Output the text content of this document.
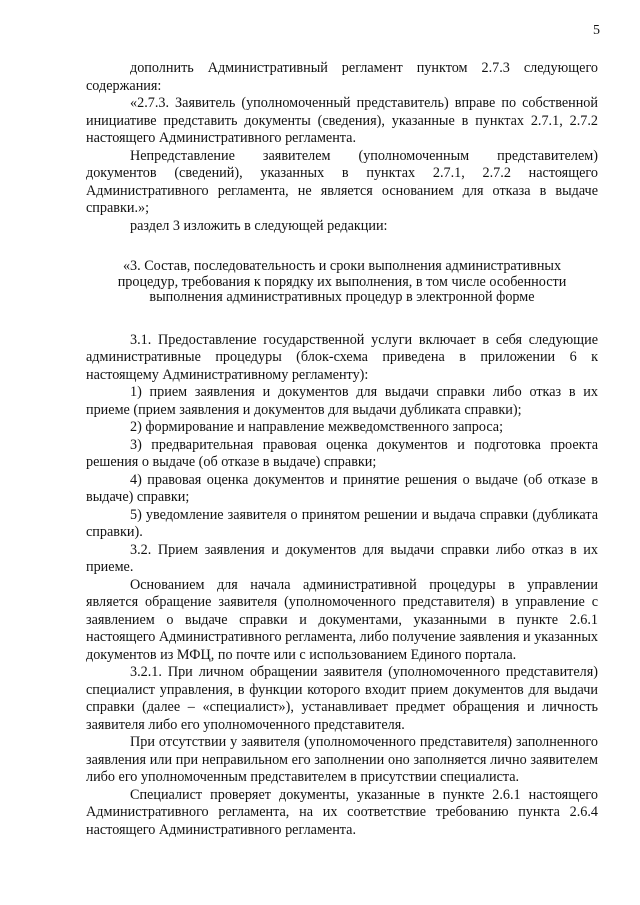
5

дополнить Административный регламент пунктом 2.7.3 следующего содержания:

«2.7.3. Заявитель (уполномоченный представитель) вправе по собственной инициативе представить документы (сведения), указанные в пунктах 2.7.1, 2.7.2 настоящего Административного регламента.

Непредставление заявителем (уполномоченным представителем) документов (сведений), указанных в пунктах 2.7.1, 2.7.2 настоящего Административного регламента, не является основанием для отказа в выдаче справки.»;

раздел 3 изложить в следующей редакции:

«3. Состав, последовательность и сроки выполнения административных процедур, требования к порядку их выполнения, в том числе особенности выполнения административных процедур в электронной форме

3.1. Предоставление государственной услуги включает в себя следующие административные процедуры (блок-схема приведена в приложении 6 к настоящему Административному регламенту):

1) прием заявления и документов для выдачи справки либо отказ в их приеме (прием заявления и документов для выдачи дубликата справки);

2) формирование и направление межведомственного запроса;

3) предварительная правовая оценка документов и подготовка проекта решения о выдаче (об отказе в выдаче) справки;

4) правовая оценка документов и принятие решения о выдаче (об отказе в выдаче) справки;

5) уведомление заявителя о принятом решении и выдача справки (дубликата справки).

3.2. Прием заявления и документов для выдачи справки либо отказ в их приеме.

Основанием для начала административной процедуры в управлении является обращение заявителя (уполномоченного представителя) в управление с заявлением о выдаче справки и документами, указанными в пункте 2.6.1 настоящего Административного регламента, либо получение заявления и указанных документов из МФЦ, по почте или с использованием Единого портала.

3.2.1. При личном обращении заявителя (уполномоченного представителя) специалист управления, в функции которого входит прием документов для выдачи справки (далее – «специалист»), устанавливает предмет обращения и личность заявителя либо его уполномоченного представителя.

При отсутствии у заявителя (уполномоченного представителя) заполненного заявления или при неправильном его заполнении оно заполняется лично заявителем либо его уполномоченным представителем в присутствии специалиста.

Специалист проверяет документы, указанные в пункте 2.6.1 настоящего Административного регламента, на их соответствие требованию пункта 2.6.4 настоящего Административного регламента.
